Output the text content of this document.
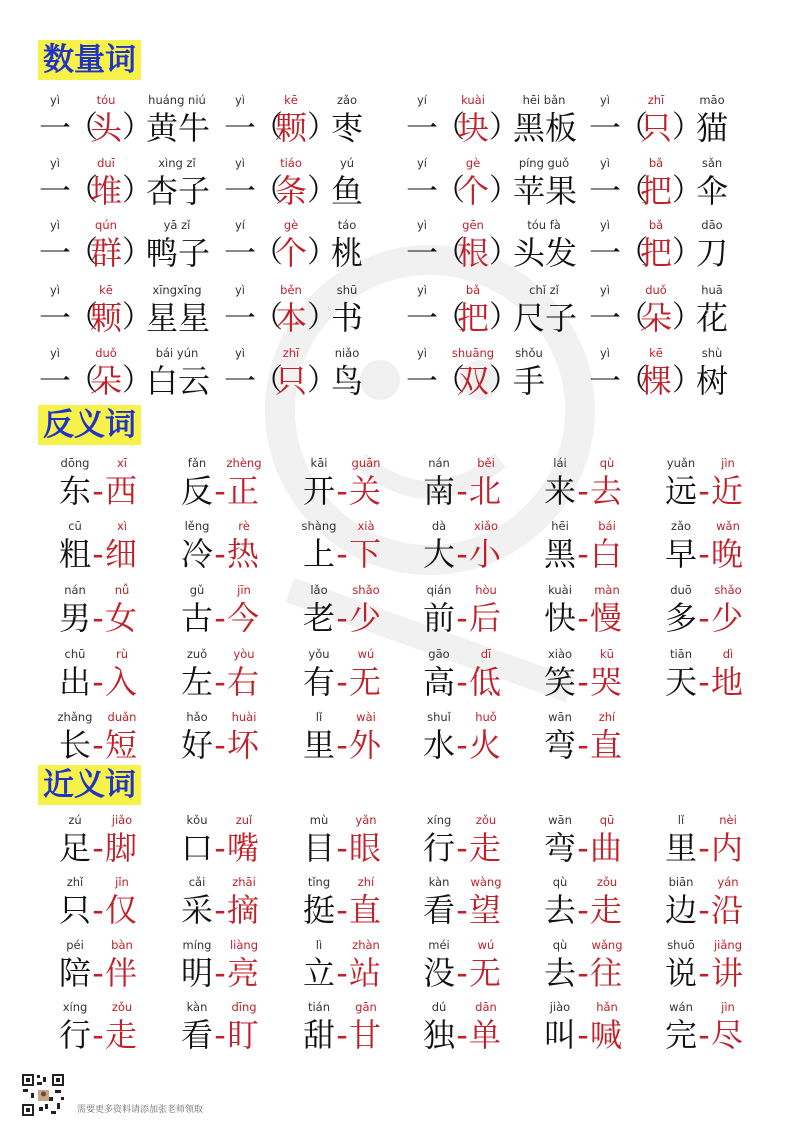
数量词
yì
一
（
tóu
头 ）
huáng niú
黄牛
yì
一
（
kē
颗 ）
zǎo
枣
yí
一
（
kuài
块 ）
hēi bǎn
黑板
yì
一
（
zhī
只 ）
māo
猫
yì
一
（
duī
堆 ）
xìng zǐ
杏子
yì
一
（
tiáo
条 ）
yú
鱼
yí
一
（
gè
个 ）
píng guǒ
苹果
yì
一
（
bǎ
把 ）
sǎn
伞
yì
一
（
qún
群 ）
yā zǐ
鸭子
yí
一
（
gè
个 ）
táo
桃
yì
一
（
gēn
根 ）
tóu fà
头发
yì
一
（
bǎ
把 ）
dāo
刀
yì
一
（
kē
颗 ）
xīngxīng
星星
yì
一
（
běn
本 ）
shū
书
yì
一
（
bǎ
把 ）
chǐ zǐ
尺子
yì
一
（
duǒ
朵 ）
huā
花
yì
一
（
duǒ
朵 ）
bái yún
白云
yì
一
（
zhī
只 ）
niǎo
鸟
yì
一
（
shuāng
双 ）
shǒu
手
yì
一
（
kē
棵 ）
shù
树
反义词
dōng
东 -
xī
西
fǎn
反 -
zhèng
正
kāi
开 -
guān
关
nán
南 -
běi
北
lái
来 -
qù
去
yuǎn
远 -
jìn
近
cū
粗 -
xì
细
lěng
冷 -
rè
热
shàng
上 -
xià
下
dà
大 -
xiǎo
小
hēi
黑 -
bái
白
zǎo
早 -
wǎn
晚
nán
男 -
nǚ
女
gǔ
古 -
jīn
今
lǎo
老 -
shǎo
少
qián
前 -
hòu
后
kuài
快 -
màn
慢
duō
多 -
shǎo
少
chū
出 -
rù
入
zuǒ
左 -
yòu
右
yǒu
有 -
wú
无
gāo
高 -
dī
低
xiào
笑 -
kū
哭
tiān
天 -
dì
地
zhǎng
长 -
duǎn
短
hǎo
好 -
huài
坏
lǐ
里 -
wài
外
shuǐ
水 -
huǒ
火
wān
弯 -
zhí
直
近义词
zú
足 -
jiǎo
脚
kǒu
口 -
zuǐ
嘴
mù
目 -
yǎn
眼
xíng
行 -
zǒu
走
wān
弯 -
qū
曲
lǐ
里 -
nèi
内
zhǐ
只 -
jǐn
仅
cǎi
采 -
zhāi
摘
tǐng
挺 -
zhí
直
kàn
看 -
wàng
望
qù
去 -
zǒu
走
biān
边 -
yán
沿
péi
陪 -
bàn
伴
míng
明 -
liàng
亮
lì
立 -
zhàn
站
méi
没 -
wú
无
qù
去 -
wǎng
往
shuō
说 -
jiǎng
讲
xíng
行 -
zǒu
走
kàn
看 -
dīng
盯
tián
甜 -
gān
甘
dú
独 -
dān
单
jiào
叫 -
hǎn
喊
wán
完 -
jìn
尽
需要更多资料请添加张老师领取
